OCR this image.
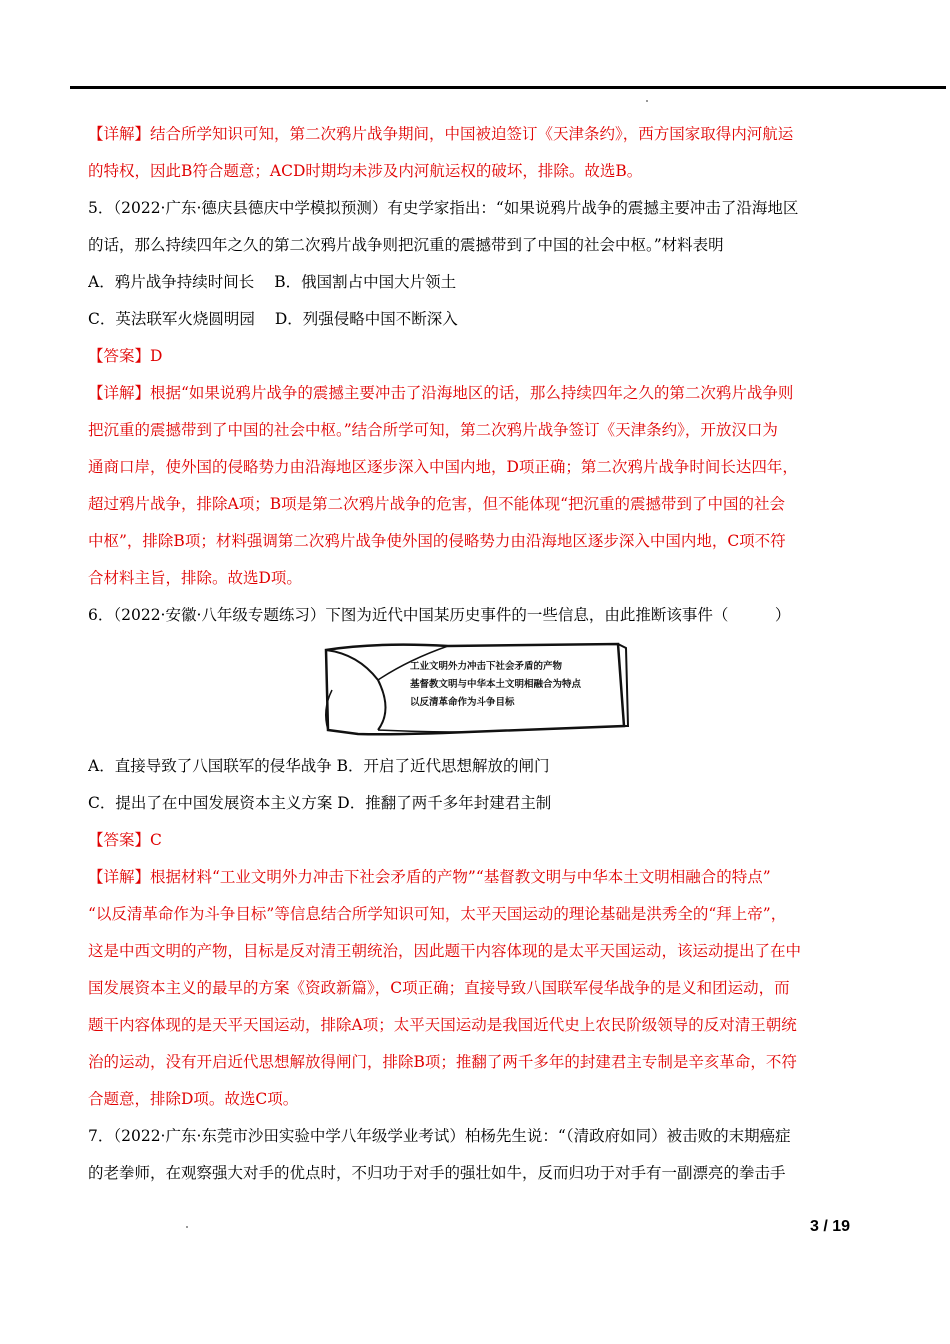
【详解】结合所学知识可知，第二次鸦片战争期间，中国被迫签订《天津条约》，西方国家取得内河航运
的特权，因此B符合题意；ACD时期均未涉及内河航运权的破坏，排除。故选B。
5．（2022·广东·德庆县德庆中学模拟预测）有史学家指出：“如果说鸦片战争的震撼主要冲击了沿海地区
的话，那么持续四年之久的第二次鸦片战争则把沉重的震撼带到了中国的社会中枢。”材料表明
A．鸦片战争持续时间长 B．俄国割占中国大片领土
C．英法联军火烧圆明园 D．列强侵略中国不断深入
【答案】D
【详解】根据“如果说鸦片战争的震撼主要冲击了沿海地区的话，那么持续四年之久的第二次鸦片战争则
把沉重的震撼带到了中国的社会中枢。”结合所学可知，第二次鸦片战争签订《天津条约》，开放汉口为
通商口岸，使外国的侵略势力由沿海地区逐步深入中国内地，D项正确；第二次鸦片战争时间长达四年，
超过鸦片战争，排除A项；B项是第二次鸦片战争的危害，但不能体现“把沉重的震撼带到了中国的社会
中枢”，排除B项；材料强调第二次鸦片战争使外国的侵略势力由沿海地区逐步深入中国内地，C项不符
合材料主旨，排除。故选D项。
6．（2022·安徽·八年级专题练习）下图为近代中国某历史事件的一些信息，由此推断该事件（　　　）
工业文明外力冲击下社会矛盾的产物
基督教文明与中华本土文明相融合为特点
以反清革命作为斗争目标
A．直接导致了八国联军的侵华战争 B．开启了近代思想解放的闸门
C．提出了在中国发展资本主义方案 D．推翻了两千多年封建君主制
【答案】C
【详解】根据材料“工业文明外力冲击下社会矛盾的产物”“基督教文明与中华本土文明相融合的特点”
“以反清革命作为斗争目标”等信息结合所学知识可知，太平天国运动的理论基础是洪秀全的“拜上帝”，
这是中西文明的产物，目标是反对清王朝统治，因此题干内容体现的是太平天国运动，该运动提出了在中
国发展资本主义的最早的方案《资政新篇》，C项正确；直接导致八国联军侵华战争的是义和团运动，而
题干内容体现的是天平天国运动，排除A项；太平天国运动是我国近代史上农民阶级领导的反对清王朝统
治的运动，没有开启近代思想解放得闸门，排除B项；推翻了两千多年的封建君主专制是辛亥革命，不符
合题意，排除D项。故选C项。
7．（2022·广东·东莞市沙田实验中学八年级学业考试）柏杨先生说：“（清政府如同）被击败的末期癌症
的老拳师，在观察强大对手的优点时，不归功于对手的强壮如牛，反而归功于对手有一副漂亮的拳击手
3 / 19
